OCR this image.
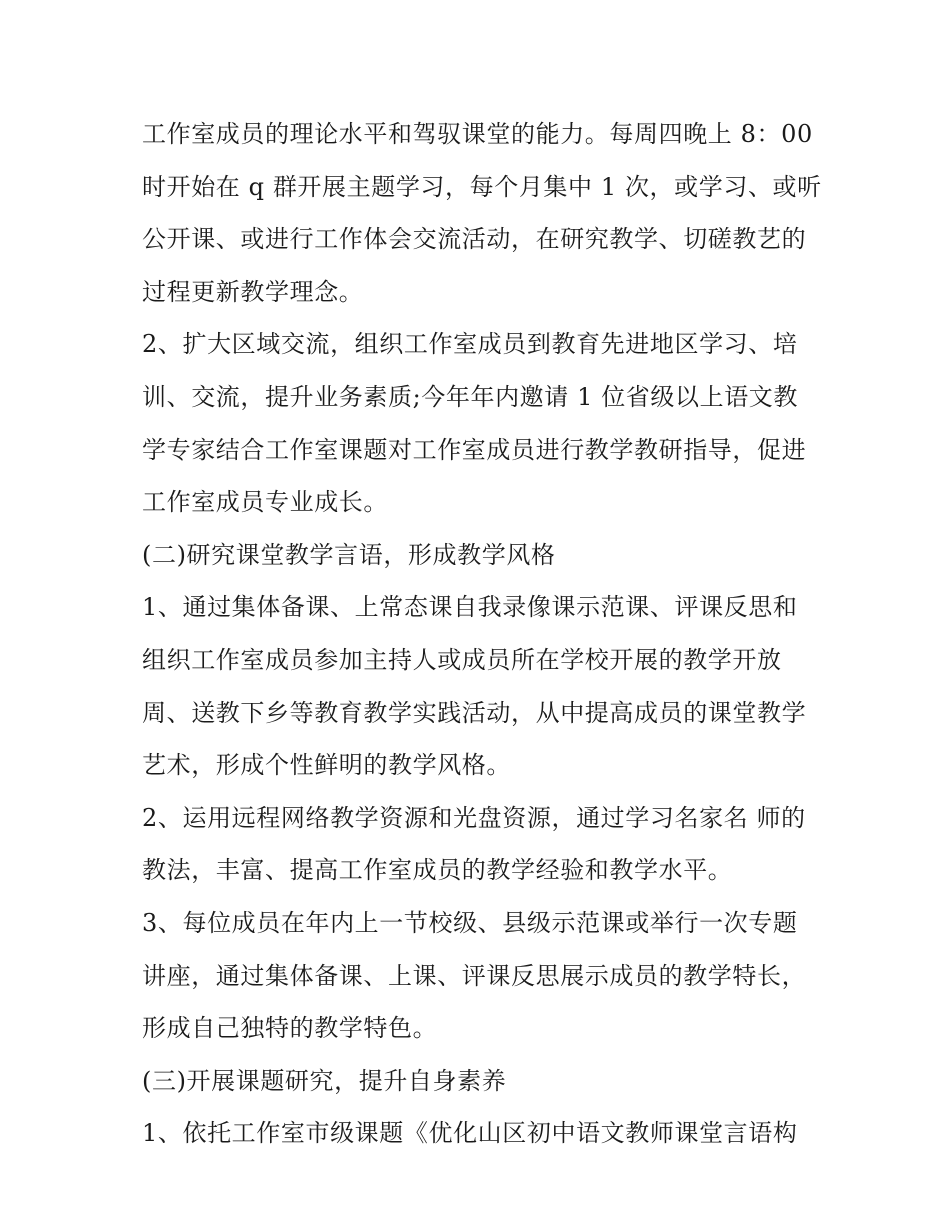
工作室成员的理论水平和驾驭课堂的能力。每周四晚上 8：00
时开始在 q 群开展主题学习，每个月集中 1 次，或学习、或听
公开课、或进行工作体会交流活动，在研究教学、切磋教艺的
过程更新教学理念。
2、扩大区域交流，组织工作室成员到教育先进地区学习、培
训、交流，提升业务素质;今年年内邀请 1 位省级以上语文教
学专家结合工作室课题对工作室成员进行教学教研指导，促进
工作室成员专业成长。
(二)研究课堂教学言语，形成教学风格
1、通过集体备课、上常态课自我录像课示范课、评课反思和
组织工作室成员参加主持人或成员所在学校开展的教学开放
周、送教下乡等教育教学实践活动，从中提高成员的课堂教学
艺术，形成个性鲜明的教学风格。
2、运用远程网络教学资源和光盘资源，通过学习名家名 师的
教法，丰富、提高工作室成员的教学经验和教学水平。
3、每位成员在年内上一节校级、县级示范课或举行一次专题
讲座，通过集体备课、上课、评课反思展示成员的教学特长，
形成自己独特的教学特色。
(三)开展课题研究，提升自身素养
1、依托工作室市级课题《优化山区初中语文教师课堂言语构
